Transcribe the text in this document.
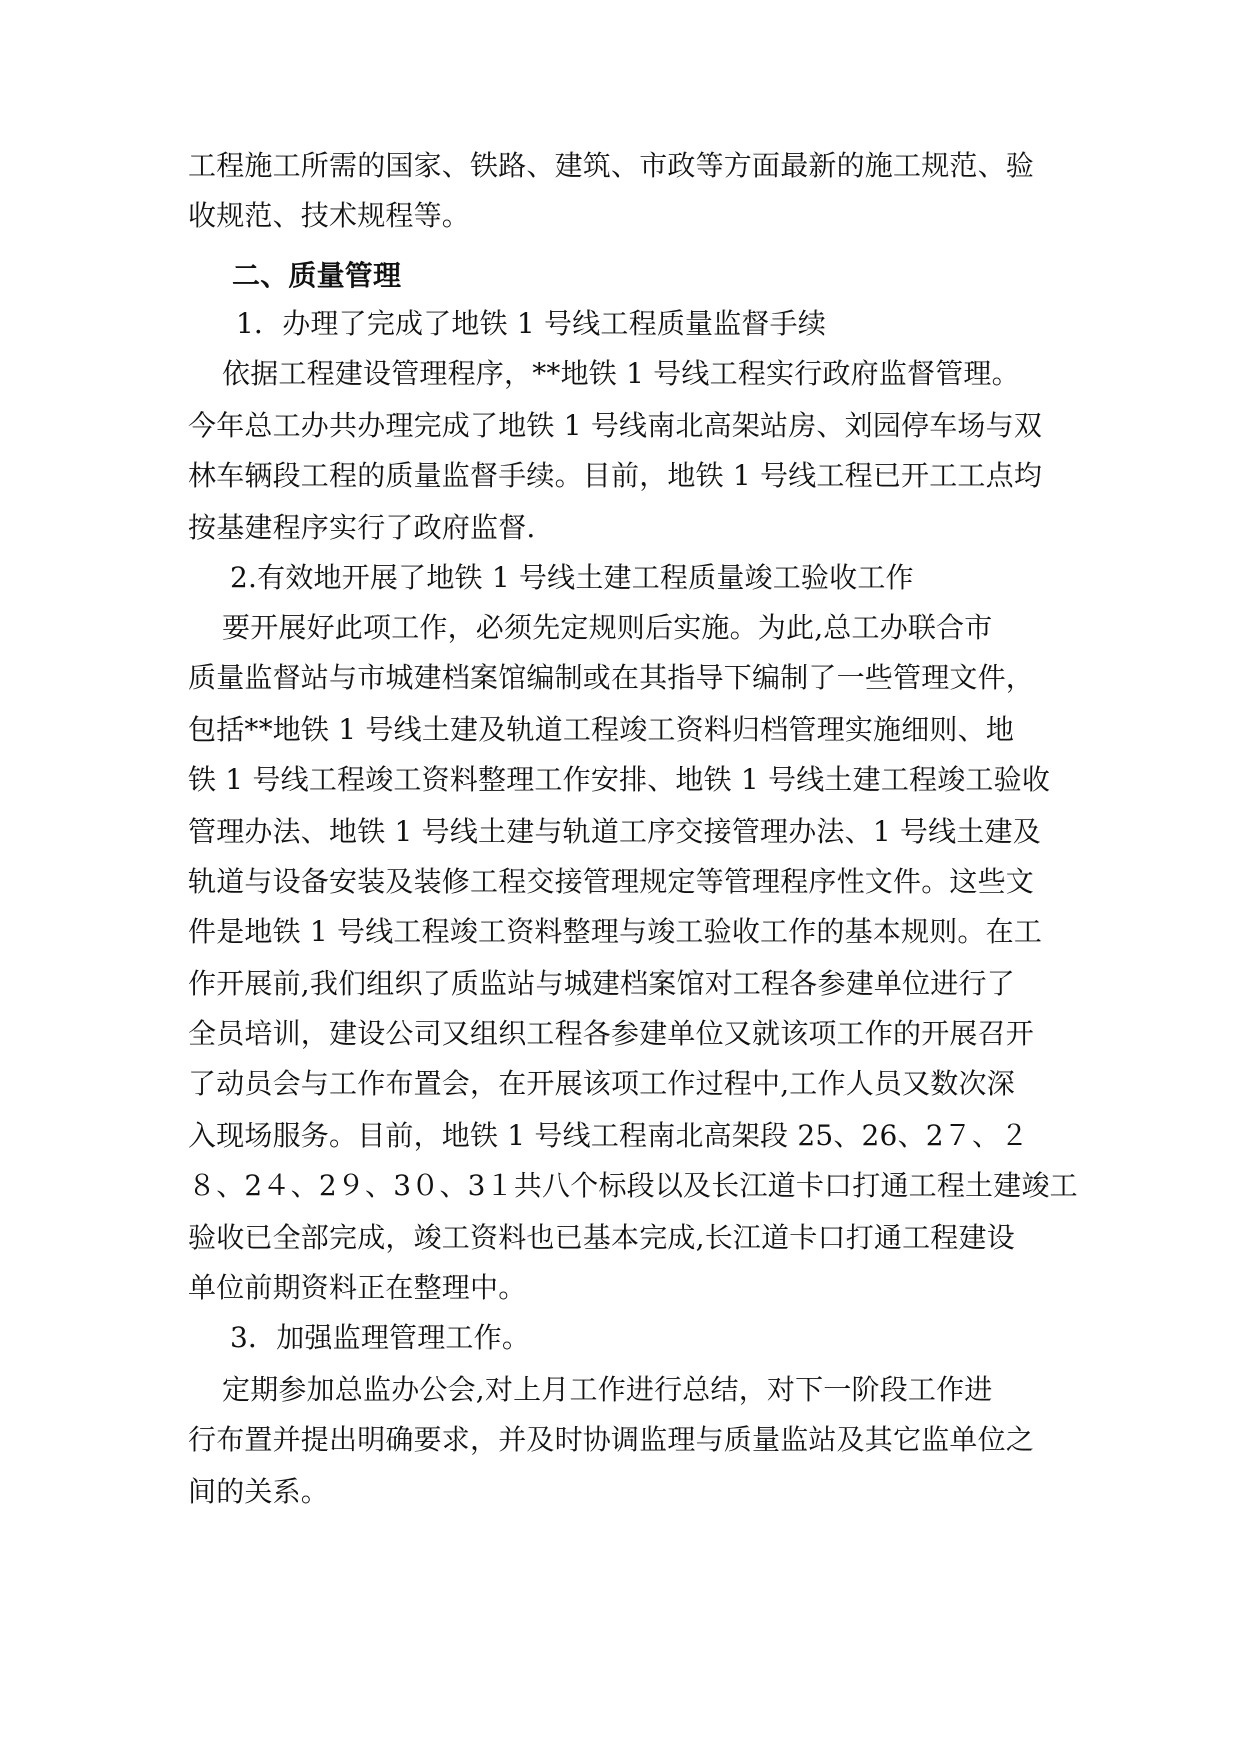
工程施工所需的国家、铁路、建筑、市政等方面最新的施工规范、验
收规范、技术规程等。
二、质量管理
1．办理了完成了地铁 1 号线工程质量监督手续
依据工程建设管理程序，**地铁 1 号线工程实行政府监督管理。
今年总工办共办理完成了地铁 1 号线南北高架站房、刘园停车场与双
林车辆段工程的质量监督手续。目前，地铁 1 号线工程已开工工点均
按基建程序实行了政府监督.
2.有效地开展了地铁 1 号线土建工程质量竣工验收工作
要开展好此项工作，必须先定规则后实施。为此,总工办联合市
质量监督站与市城建档案馆编制或在其指导下编制了一些管理文件，
包括**地铁 1 号线土建及轨道工程竣工资料归档管理实施细则、地
铁 1 号线工程竣工资料整理工作安排、地铁 1 号线土建工程竣工验收
管理办法、地铁 1 号线土建与轨道工序交接管理办法、1 号线土建及
轨道与设备安装及装修工程交接管理规定等管理程序性文件。这些文
件是地铁 1 号线工程竣工资料整理与竣工验收工作的基本规则。在工
作开展前,我们组织了质监站与城建档案馆对工程各参建单位进行了
全员培训，建设公司又组织工程各参建单位又就该项工作的开展召开
了动员会与工作布置会，在开展该项工作过程中,工作人员又数次深
入现场服务。目前，地铁 1 号线工程南北高架段 25、26、2７、２
８、2４、2９、3０、3１共八个标段以及长江道卡口打通工程土建竣工
验收已全部完成，竣工资料也已基本完成,长江道卡口打通工程建设
单位前期资料正在整理中。
3．加强监理管理工作。
定期参加总监办公会,对上月工作进行总结，对下一阶段工作进
行布置并提出明确要求，并及时协调监理与质量监站及其它监单位之
间的关系。
